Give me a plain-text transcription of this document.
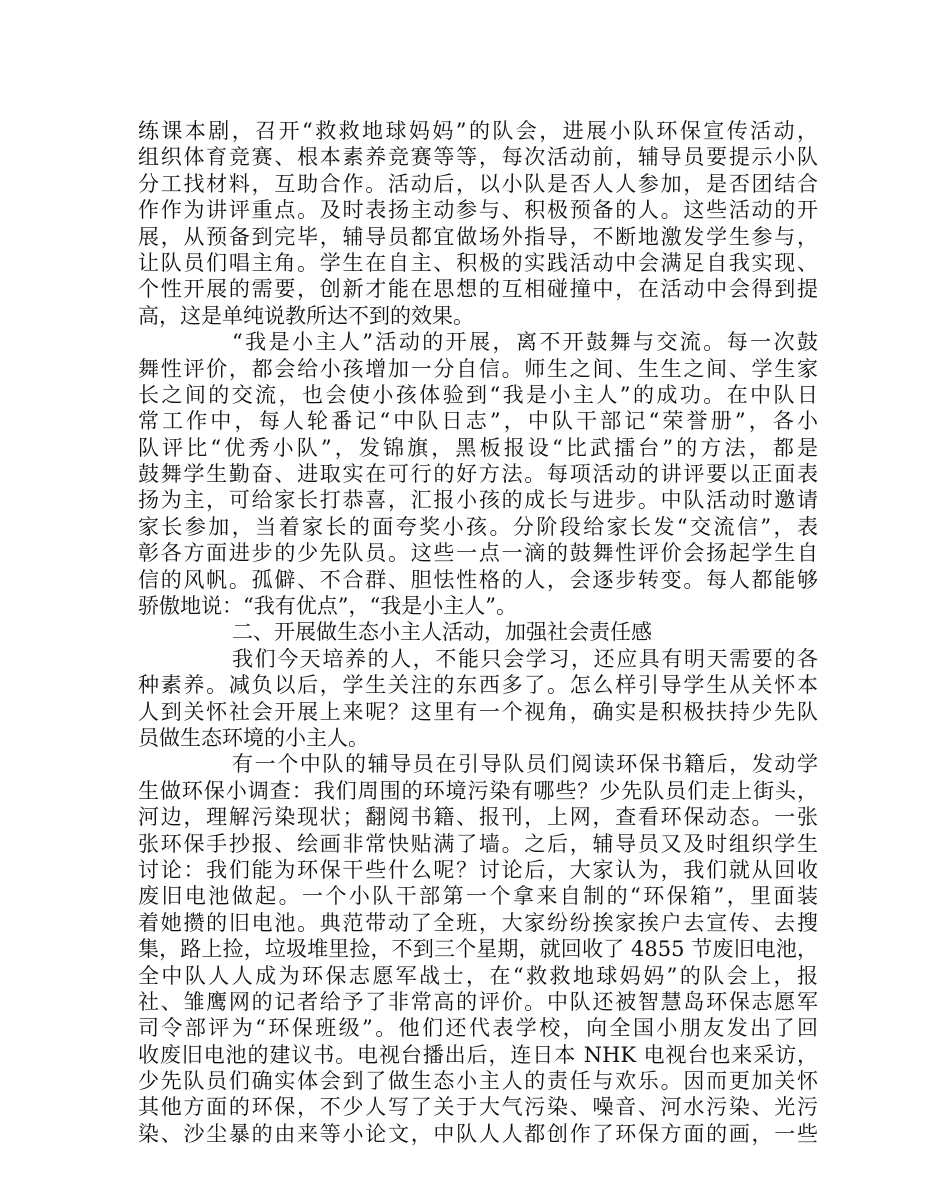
练课本剧，召开“救救地球妈妈”的队会，进展小队环保宣传活动，
组织体育竞赛、根本素养竞赛等等，每次活动前，辅导员要提示小队
分工找材料，互助合作。活动后，以小队是否人人参加，是否团结合
作作为讲评重点。及时表扬主动参与、积极预备的人。这些活动的开
展，从预备到完毕，辅导员都宜做场外指导，不断地激发学生参与，
让队员们唱主角。学生在自主、积极的实践活动中会满足自我实现、
个性开展的需要，创新才能在思想的互相碰撞中，在活动中会得到提
高，这是单纯说教所达不到的效果。
“我是小主人”活动的开展，离不开鼓舞与交流。每一次鼓
舞性评价，都会给小孩增加一分自信。师生之间、生生之间、学生家
长之间的交流，也会使小孩体验到“我是小主人”的成功。在中队日
常工作中，每人轮番记“中队日志”，中队干部记“荣誉册”，各小
队评比“优秀小队”，发锦旗，黑板报设“比武擂台”的方法，都是
鼓舞学生勤奋、进取实在可行的好方法。每项活动的讲评要以正面表
扬为主，可给家长打恭喜，汇报小孩的成长与进步。中队活动时邀请
家长参加，当着家长的面夸奖小孩。分阶段给家长发“交流信”，表
彰各方面进步的少先队员。这些一点一滴的鼓舞性评价会扬起学生自
信的风帆。孤僻、不合群、胆怯性格的人，会逐步转变。每人都能够
骄傲地说：“我有优点”，“我是小主人”。
二、开展做生态小主人活动，加强社会责任感
我们今天培养的人，不能只会学习，还应具有明天需要的各
种素养。减负以后，学生关注的东西多了。怎么样引导学生从关怀本
人到关怀社会开展上来呢？这里有一个视角，确实是积极扶持少先队
员做生态环境的小主人。
有一个中队的辅导员在引导队员们阅读环保书籍后，发动学
生做环保小调查：我们周围的环境污染有哪些？少先队员们走上街头，
河边，理解污染现状；翻阅书籍、报刊，上网，查看环保动态。一张
张环保手抄报、绘画非常快贴满了墙。之后，辅导员又及时组织学生
讨论：我们能为环保干些什么呢？讨论后，大家认为，我们就从回收
废旧电池做起。一个小队干部第一个拿来自制的“环保箱”，里面装
着她攒的旧电池。典范带动了全班，大家纷纷挨家挨户去宣传、去搜
集，路上捡，垃圾堆里捡，不到三个星期，就回收了 4855 节废旧电池，
全中队人人成为环保志愿军战士，在“救救地球妈妈”的队会上，报
社、雏鹰网的记者给予了非常高的评价。中队还被智慧岛环保志愿军
司令部评为“环保班级”。他们还代表学校，向全国小朋友发出了回
收废旧电池的建议书。电视台播出后，连日本 NHK 电视台也来采访，
少先队员们确实体会到了做生态小主人的责任与欢乐。因而更加关怀
其他方面的环保，不少人写了关于大气污染、噪音、河水污染、光污
染、沙尘暴的由来等小论文，中队人人都创作了环保方面的画，一些
